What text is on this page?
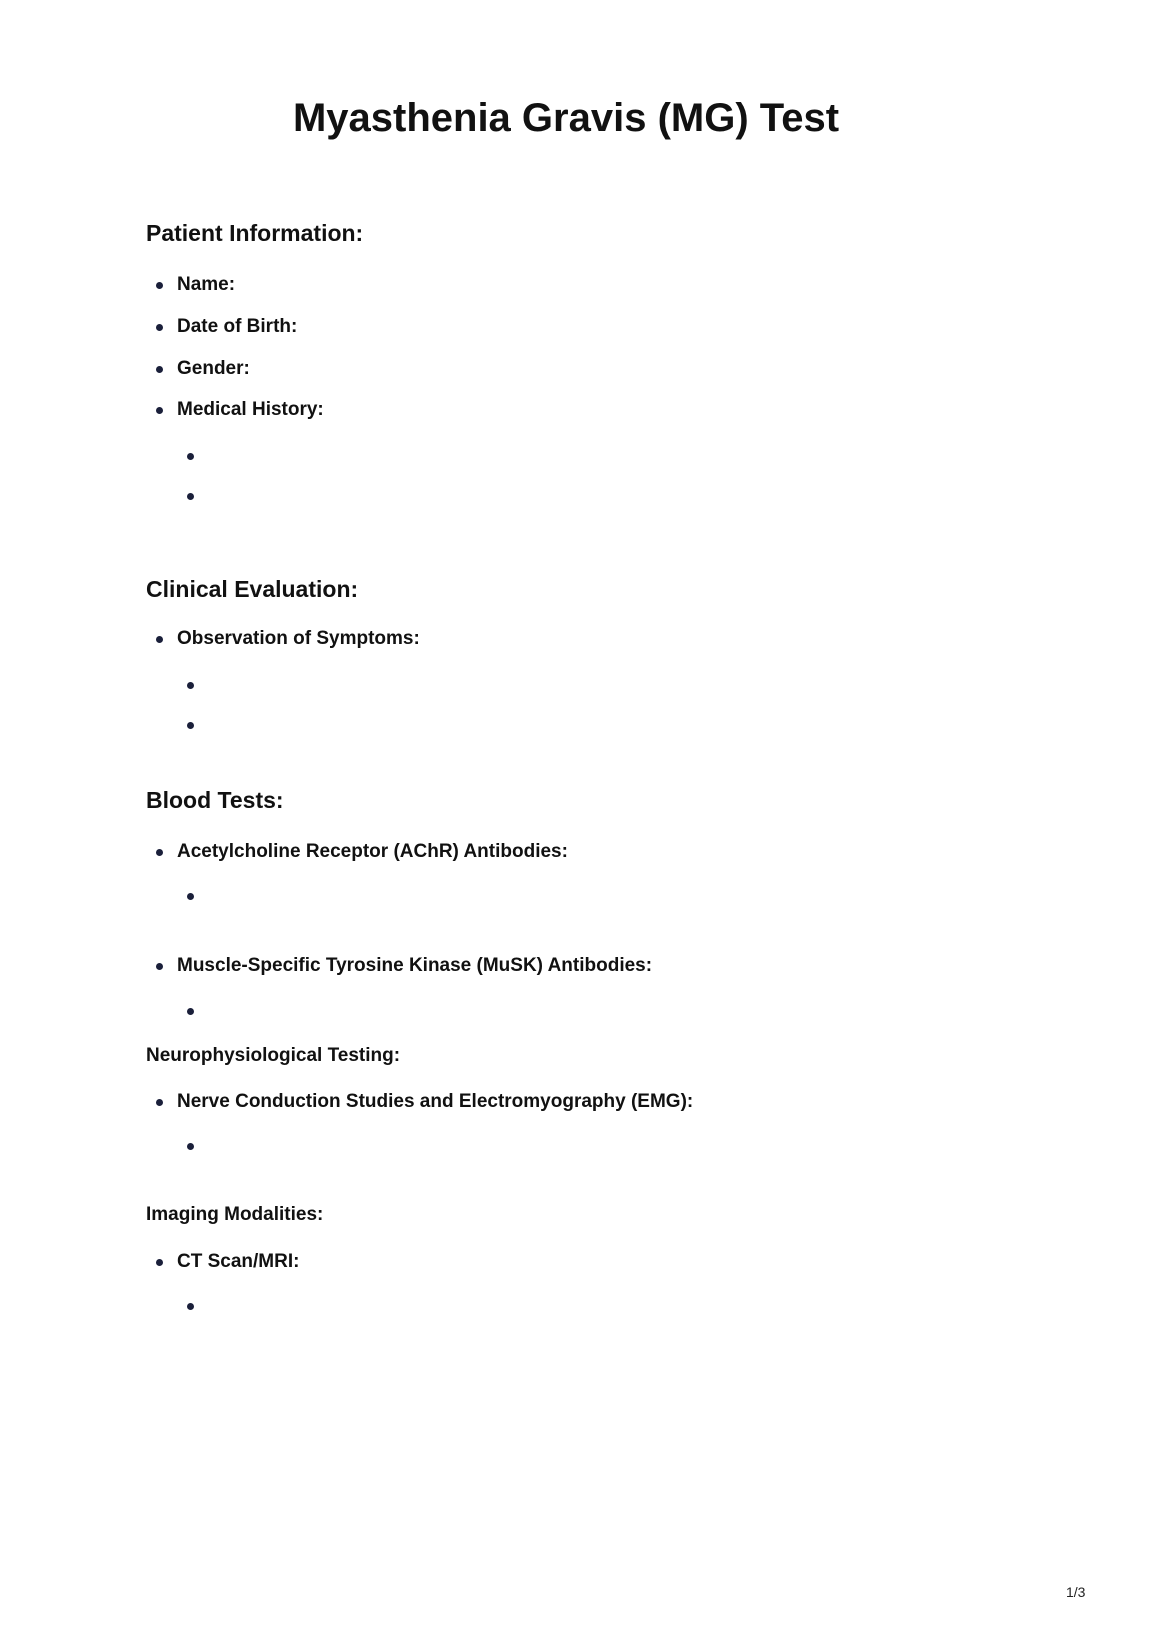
Myasthenia Gravis (MG) Test
Patient Information:
Name:
Date of Birth:
Gender:
Medical History:
Clinical Evaluation:
Observation of Symptoms:
Blood Tests:
Acetylcholine Receptor (AChR) Antibodies:
Muscle-Specific Tyrosine Kinase (MuSK) Antibodies:
Neurophysiological Testing:
Nerve Conduction Studies and Electromyography (EMG):
Imaging Modalities:
CT Scan/MRI:
1/3
